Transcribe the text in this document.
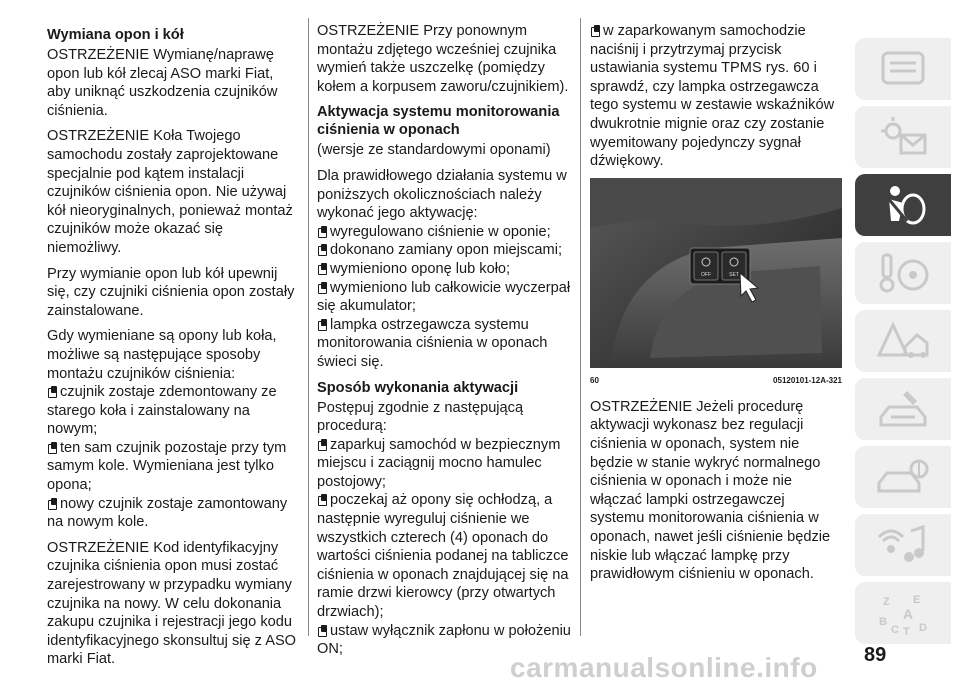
Wymiana opon i kół

OSTRZEŻENIE Wymianę/naprawę opon lub kół zlecaj ASO marki Fiat, aby uniknąć uszkodzenia czujników ciśnienia.

OSTRZEŻENIE Koła Twojego samochodu zostały zaprojektowane specjalnie pod kątem instalacji czujników ciśnienia opon. Nie używaj kół nieoryginalnych, ponieważ montaż czujników może okazać się niemożliwy.

Przy wymianie opon lub kół upewnij się, czy czujniki ciśnienia opon zostały zainstalowane.

Gdy wymieniane są opony lub koła, możliwe są następujące sposoby montażu czujników ciśnienia:
czujnik zostaje zdemontowany ze starego koła i zainstalowany na nowym;
ten sam czujnik pozostaje przy tym samym kole. Wymieniana jest tylko opona;
nowy czujnik zostaje zamontowany na nowym kole.

OSTRZEŻENIE Kod identyfikacyjny czujnika ciśnienia opon musi zostać zarejestrowany w przypadku wymiany czujnika na nowy. W celu dokonania zakupu czujnika i rejestracji jego kodu identyfikacyjnego skonsultuj się z ASO marki Fiat.

OSTRZEŻENIE Przy ponownym montażu zdjętego wcześniej czujnika wymień także uszczelkę (pomiędzy kołem a korpusem zaworu/czujnikiem).

Aktywacja systemu monitorowania ciśnienia w oponach

(wersje ze standardowymi oponami)

Dla prawidłowego działania systemu w poniższych okolicznościach należy wykonać jego aktywację:
wyregulowano ciśnienie w oponie;
dokonano zamiany opon miejscami;
wymieniono oponę lub koło;
wymieniono lub całkowicie wyczerpał się akumulator;
lampka ostrzegawcza systemu monitorowania ciśnienia w oponach świeci się.

Sposób wykonania aktywacji

Postępuj zgodnie z następującą procedurą:
zaparkuj samochód w bezpiecznym miejscu i zaciągnij mocno hamulec postojowy;
poczekaj aż opony się ochłodzą, a następnie wyreguluj ciśnienie we wszystkich czterech (4) oponach do wartości ciśnienia podanej na tabliczce ciśnienia w oponach znajdującej się na ramie drzwi kierowcy (przy otwartych drzwiach);
ustaw wyłącznik zapłonu w położeniu ON;

w zaparkowanym samochodzie naciśnij i przytrzymaj przycisk ustawiania systemu TPMS rys. 60 i sprawdź, czy lampka ostrzegawcza tego systemu w zestawie wskaźników dwukrotnie mignie oraz czy zostanie wyemitowany pojedynczy sygnał dźwiękowy.

OFF	SET
60	05120101-12A-321

OSTRZEŻENIE Jeżeli procedurę aktywacji wykonasz bez regulacji ciśnienia w oponach, system nie będzie w stanie wykryć normalnego ciśnienia w oponach i może nie włączać lampki ostrzegawczej systemu monitorowania ciśnienia w oponach, nawet jeśli ciśnienie będzie niskie lub włączać lampkę przy prawidłowym ciśnieniu w oponach.

Z E
B A
C T D
carmanualsonline.info 89
